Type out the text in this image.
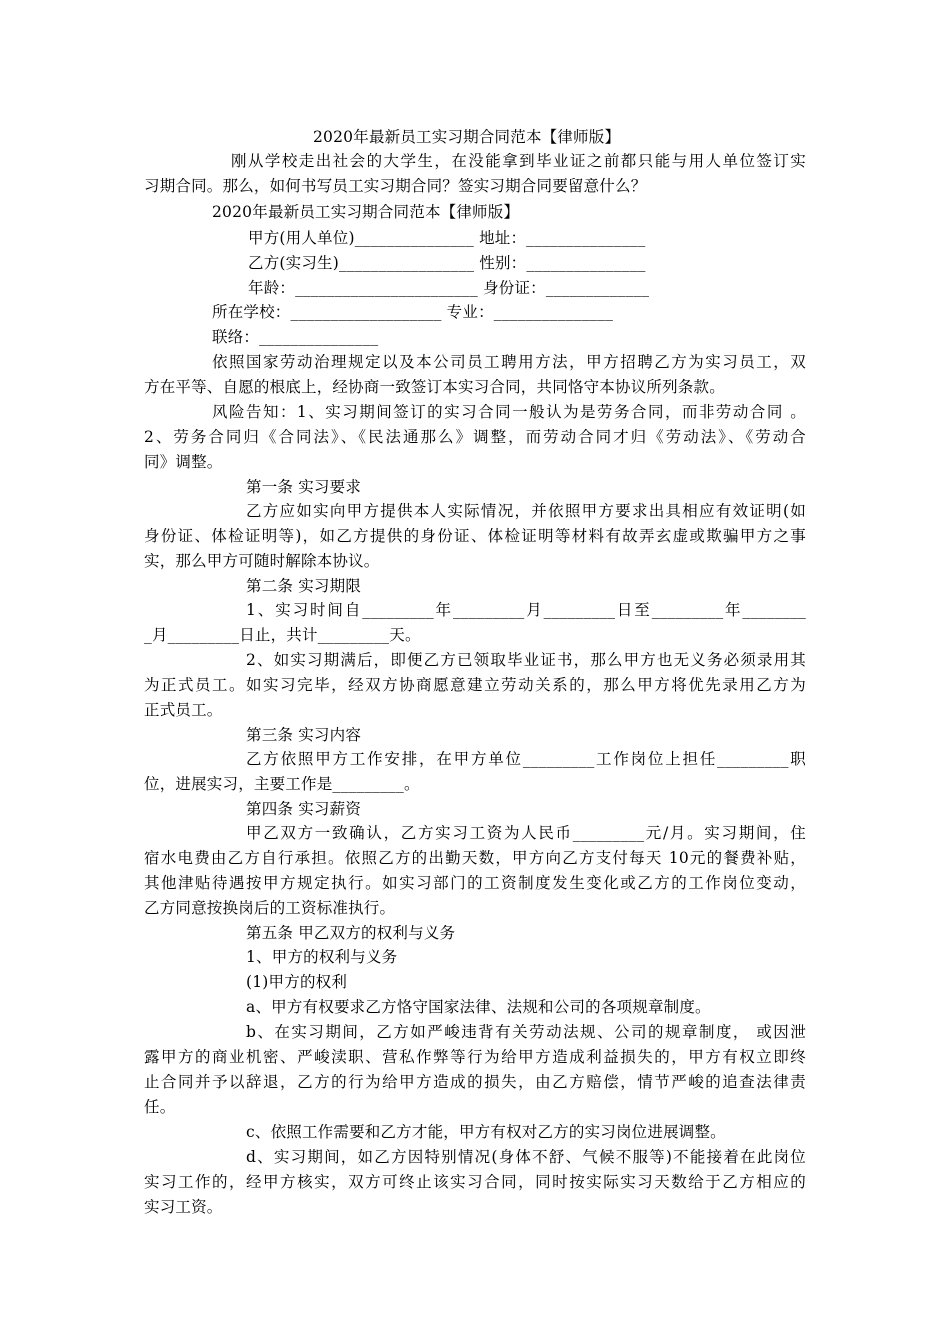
2020年最新员工实习期合同范本【律师版】
刚从学校走出社会的大学生，在没能拿到毕业证之前都只能与用人单位签订实
习期合同。那么，如何书写员工实习期合同？签实习期合同要留意什么？
2020年最新员工实习期合同范本【律师版】
甲方(用人单位)_______________ 地址：_______________
乙方(实习生)_________________ 性别：_______________
年龄：_______________________ 身份证：_____________
所在学校：___________________ 专业：_______________
联络：_______________
依照国家劳动治理规定以及本公司员工聘用方法，甲方招聘乙方为实习员工，双
方在平等、自愿的根底上，经协商一致签订本实习合同，共同恪守本协议所列条款。
风险告知：1、实习期间签订的实习合同一般认为是劳务合同，而非劳动合同 。
2、劳务合同归《合同法》、《民法通那么》调整，而劳动合同才归《劳动法》、《劳动合
同》调整。
第一条 实习要求
乙方应如实向甲方提供本人实际情况，并依照甲方要求出具相应有效证明(如
身份证、体检证明等)，如乙方提供的身份证、体检证明等材料有故弄玄虚或欺骗甲方之事
实，那么甲方可随时解除本协议。
第二条 实习期限
1、实习时间自_________年_________月_________日至_________年________
_月_________日止，共计_________天。
2、如实习期满后，即便乙方已领取毕业证书，那么甲方也无义务必须录用其
为正式员工。如实习完毕，经双方协商愿意建立劳动关系的，那么甲方将优先录用乙方为
正式员工。
第三条 实习内容
乙方依照甲方工作安排，在甲方单位_________工作岗位上担任_________职
位，进展实习，主要工作是_________。
第四条 实习薪资
甲乙双方一致确认，乙方实习工资为人民币_________元/月。实习期间，住
宿水电费由乙方自行承担。依照乙方的出勤天数，甲方向乙方支付每天 10元的餐费补贴，
其他津贴待遇按甲方规定执行。如实习部门的工资制度发生变化或乙方的工作岗位变动，
乙方同意按换岗后的工资标准执行。
第五条 甲乙双方的权利与义务
1、甲方的权利与义务
(1)甲方的权利
a、甲方有权要求乙方恪守国家法律、法规和公司的各项规章制度。
b、在实习期间，乙方如严峻违背有关劳动法规、公司的规章制度， 或因泄
露甲方的商业机密、严峻渎职、营私作弊等行为给甲方造成利益损失的，甲方有权立即终
止合同并予以辞退，乙方的行为给甲方造成的损失，由乙方赔偿，情节严峻的追查法律责
任。
c、依照工作需要和乙方才能，甲方有权对乙方的实习岗位进展调整。
d、实习期间，如乙方因特别情况(身体不舒、气候不服等)不能接着在此岗位
实习工作的，经甲方核实，双方可终止该实习合同，同时按实际实习天数给于乙方相应的
实习工资。
